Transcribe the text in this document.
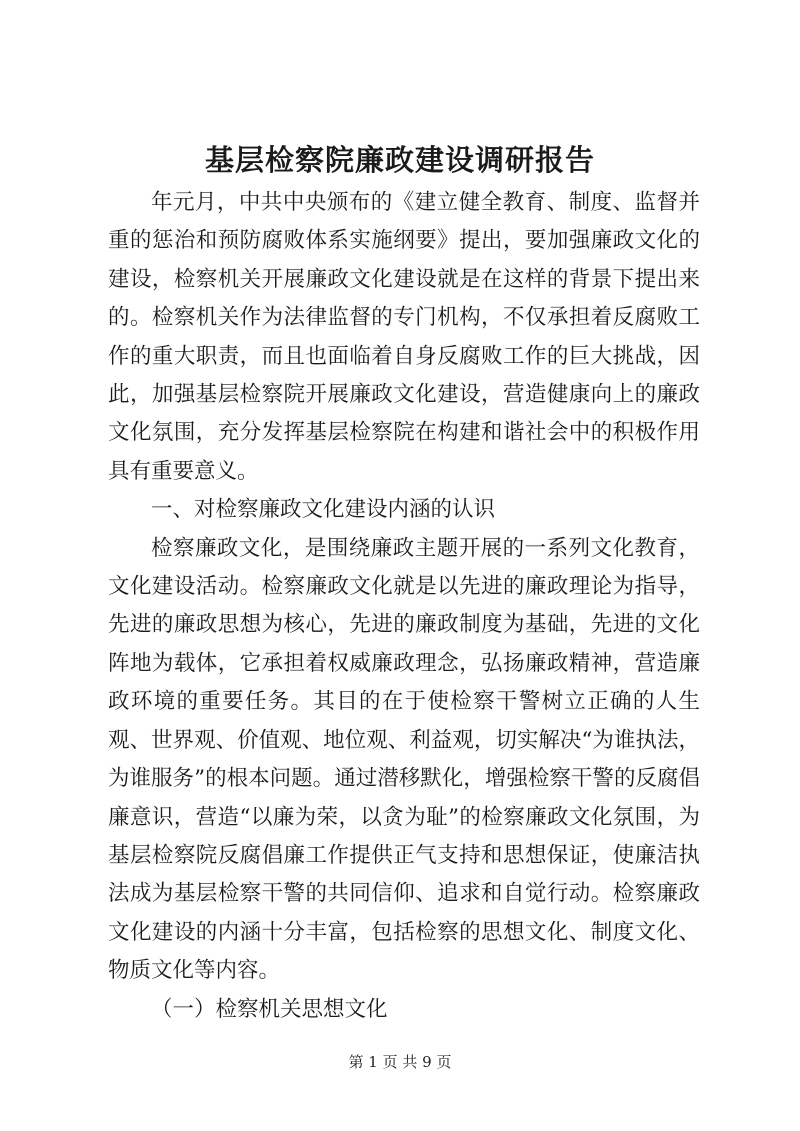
基层检察院廉政建设调研报告

年元月，中共中央颁布的《建立健全教育、制度、监督并重的惩治和预防腐败体系实施纲要》提出，要加强廉政文化的建设，检察机关开展廉政文化建设就是在这样的背景下提出来的。检察机关作为法律监督的专门机构，不仅承担着反腐败工作的重大职责，而且也面临着自身反腐败工作的巨大挑战，因此，加强基层检察院开展廉政文化建设，营造健康向上的廉政文化氛围，充分发挥基层检察院在构建和谐社会中的积极作用具有重要意义。

一、对检察廉政文化建设内涵的认识

检察廉政文化，是围绕廉政主题开展的一系列文化教育，文化建设活动。检察廉政文化就是以先进的廉政理论为指导，先进的廉政思想为核心，先进的廉政制度为基础，先进的文化阵地为载体，它承担着权威廉政理念，弘扬廉政精神，营造廉政环境的重要任务。其目的在于使检察干警树立正确的人生观、世界观、价值观、地位观、利益观，切实解决“为谁执法，为谁服务”的根本问题。通过潜移默化，增强检察干警的反腐倡廉意识，营造“以廉为荣，以贪为耻”的检察廉政文化氛围，为基层检察院反腐倡廉工作提供正气支持和思想保证，使廉洁执法成为基层检察干警的共同信仰、追求和自觉行动。检察廉政文化建设的内涵十分丰富，包括检察的思想文化、制度文化、物质文化等内容。

（一）检察机关思想文化

第 1 页 共 9 页
